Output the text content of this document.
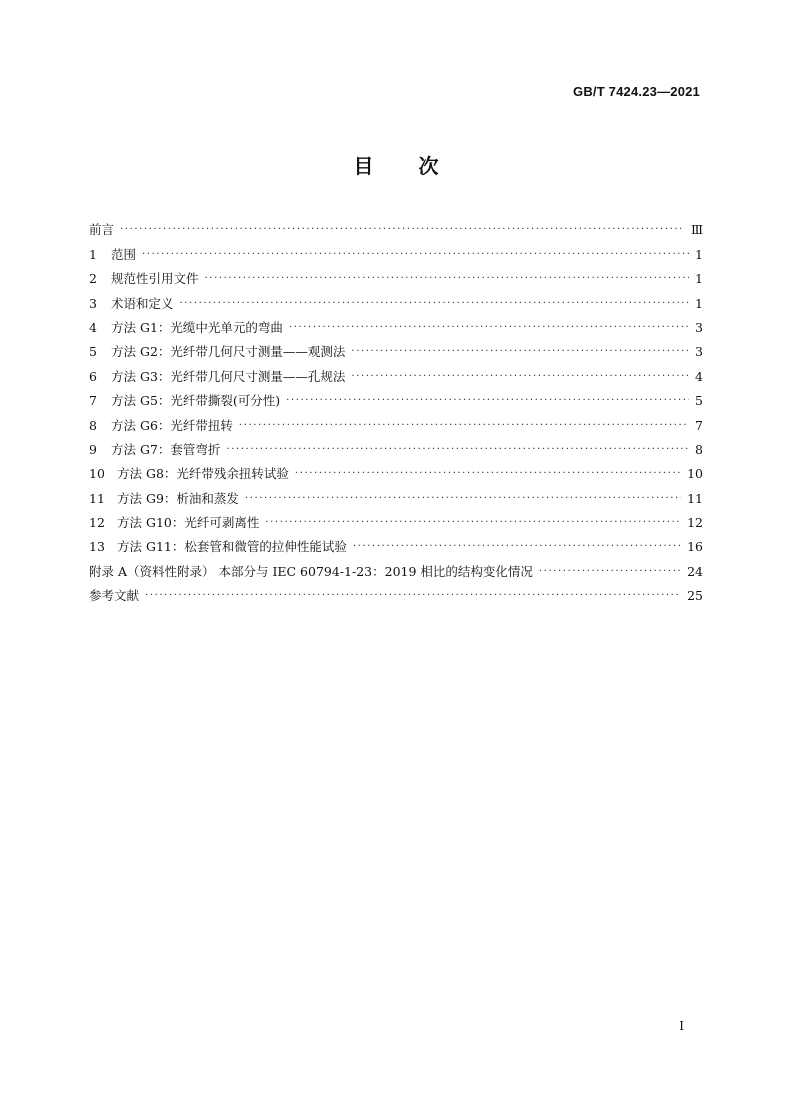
GB/T 7424.23—2021
目 次
前言 .....	Ⅲ
1	范围 .....	1
2	规范性引用文件 .....	1
3	术语和定义 .....	1
4	方法 G1：光缆中光单元的弯曲 .....	3
5	方法 G2：光纤带几何尺寸测量——观测法 .....	3
6	方法 G3：光纤带几何尺寸测量——孔规法 .....	4
7	方法 G5：光纤带撕裂(可分性) .....	5
8	方法 G6：光纤带扭转 .....	7
9	方法 G7：套管弯折 .....	8
10 方法 G8：光纤带残余扭转试验 .....	10
11 方法 G9：析油和蒸发 .....	11
12 方法 G10：光纤可剥离性 .....	12
13 方法 G11：松套管和微管的拉伸性能试验 .....	16
附录 A（资料性附录） 本部分与 IEC 60794-1-23：2019 相比的结构变化情况 .....	24
参考文献 .....	25
Ⅰ
